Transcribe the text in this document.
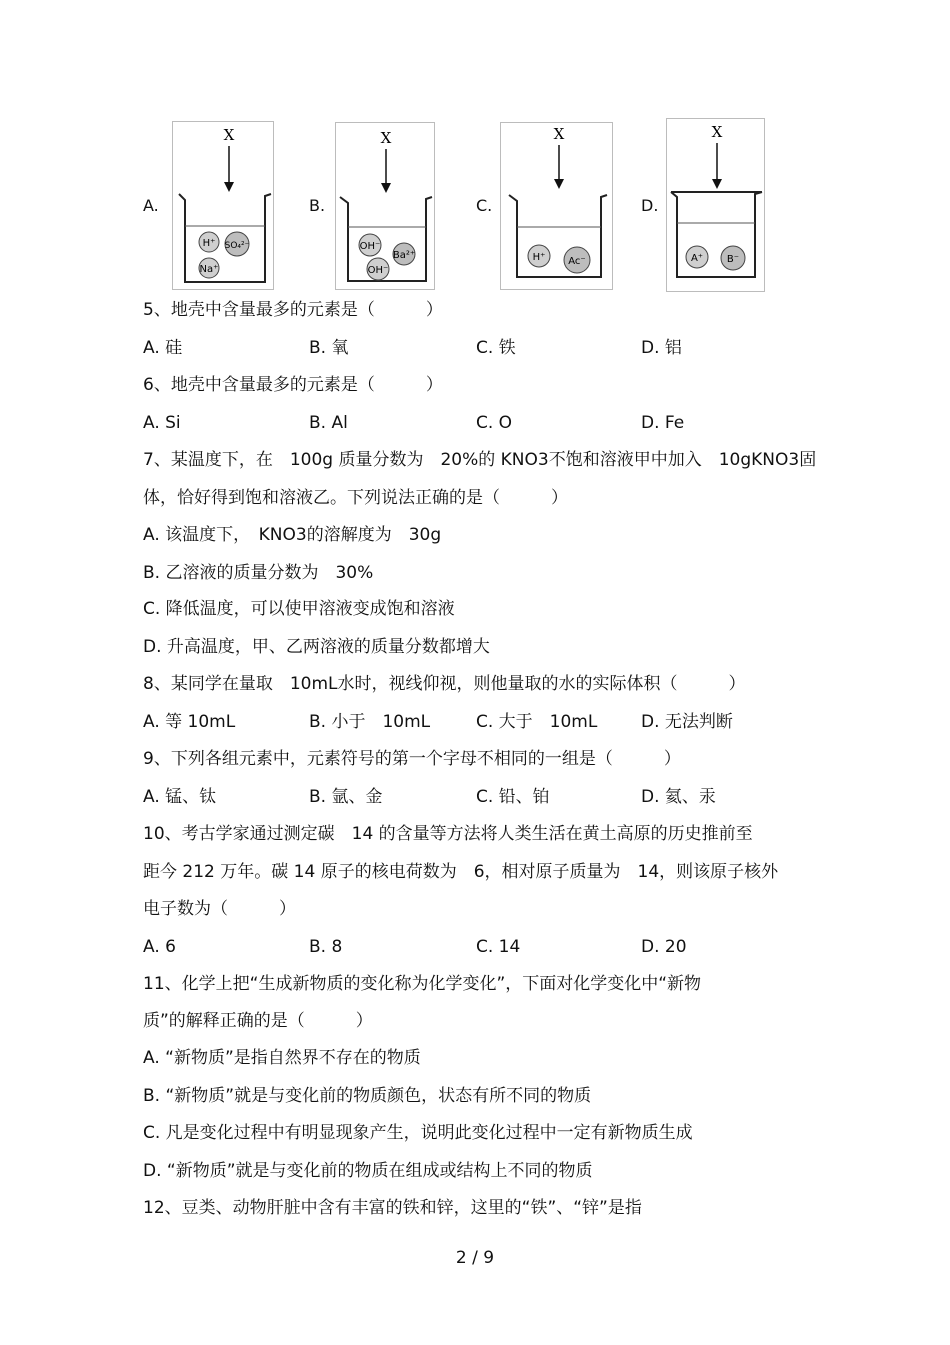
A.
X
H⁺ SO₄²⁻
Na⁺
B.
X
OH⁻
Ba²⁺
OH⁻
C.
X
H⁺ Ac⁻
D.
X
A⁺ B⁻
5、地壳中含量最多的元素是（　　　）
A. 硅	B. 氧	C. 铁	D. 铝
6、地壳中含量最多的元素是（　　　）
A. Si	B. Al	C. O	D. Fe
7、某温度下，在　100g 质量分数为　20%的 KNO3不饱和溶液甲中加入　10gKNO3固
体，恰好得到饱和溶液乙。下列说法正确的是（　　　）
A. 该温度下，　KNO3的溶解度为　30g
B. 乙溶液的质量分数为　30%
C. 降低温度，可以使甲溶液变成饱和溶液
D. 升高温度，甲、乙两溶液的质量分数都增大
8、某同学在量取　10mL水时，视线仰视，则他量取的水的实际体积（　　　）
A. 等 10mL	B. 小于　10mL	C. 大于　10mL	D. 无法判断
9、下列各组元素中，元素符号的第一个字母不相同的一组是（　　　）
A. 锰、钛	B. 氩、金	C. 铅、铂	D. 氦、汞
10、考古学家通过测定碳　14 的含量等方法将人类生活在黄土高原的历史推前至
距今 212 万年。碳 14 原子的核电荷数为　6，相对原子质量为　14，则该原子核外
电子数为（　　　）
A. 6	B. 8	C. 14	D. 20
11、化学上把“生成新物质的变化称为化学变化”，下面对化学变化中“新物
质”的解释正确的是（　　　）
A. “新物质”是指自然界不存在的物质
B. “新物质”就是与变化前的物质颜色，状态有所不同的物质
C. 凡是变化过程中有明显现象产生，说明此变化过程中一定有新物质生成
D. “新物质”就是与变化前的物质在组成或结构上不同的物质
12、豆类、动物肝脏中含有丰富的铁和锌，这里的“铁”、“锌”是指
2 / 9
